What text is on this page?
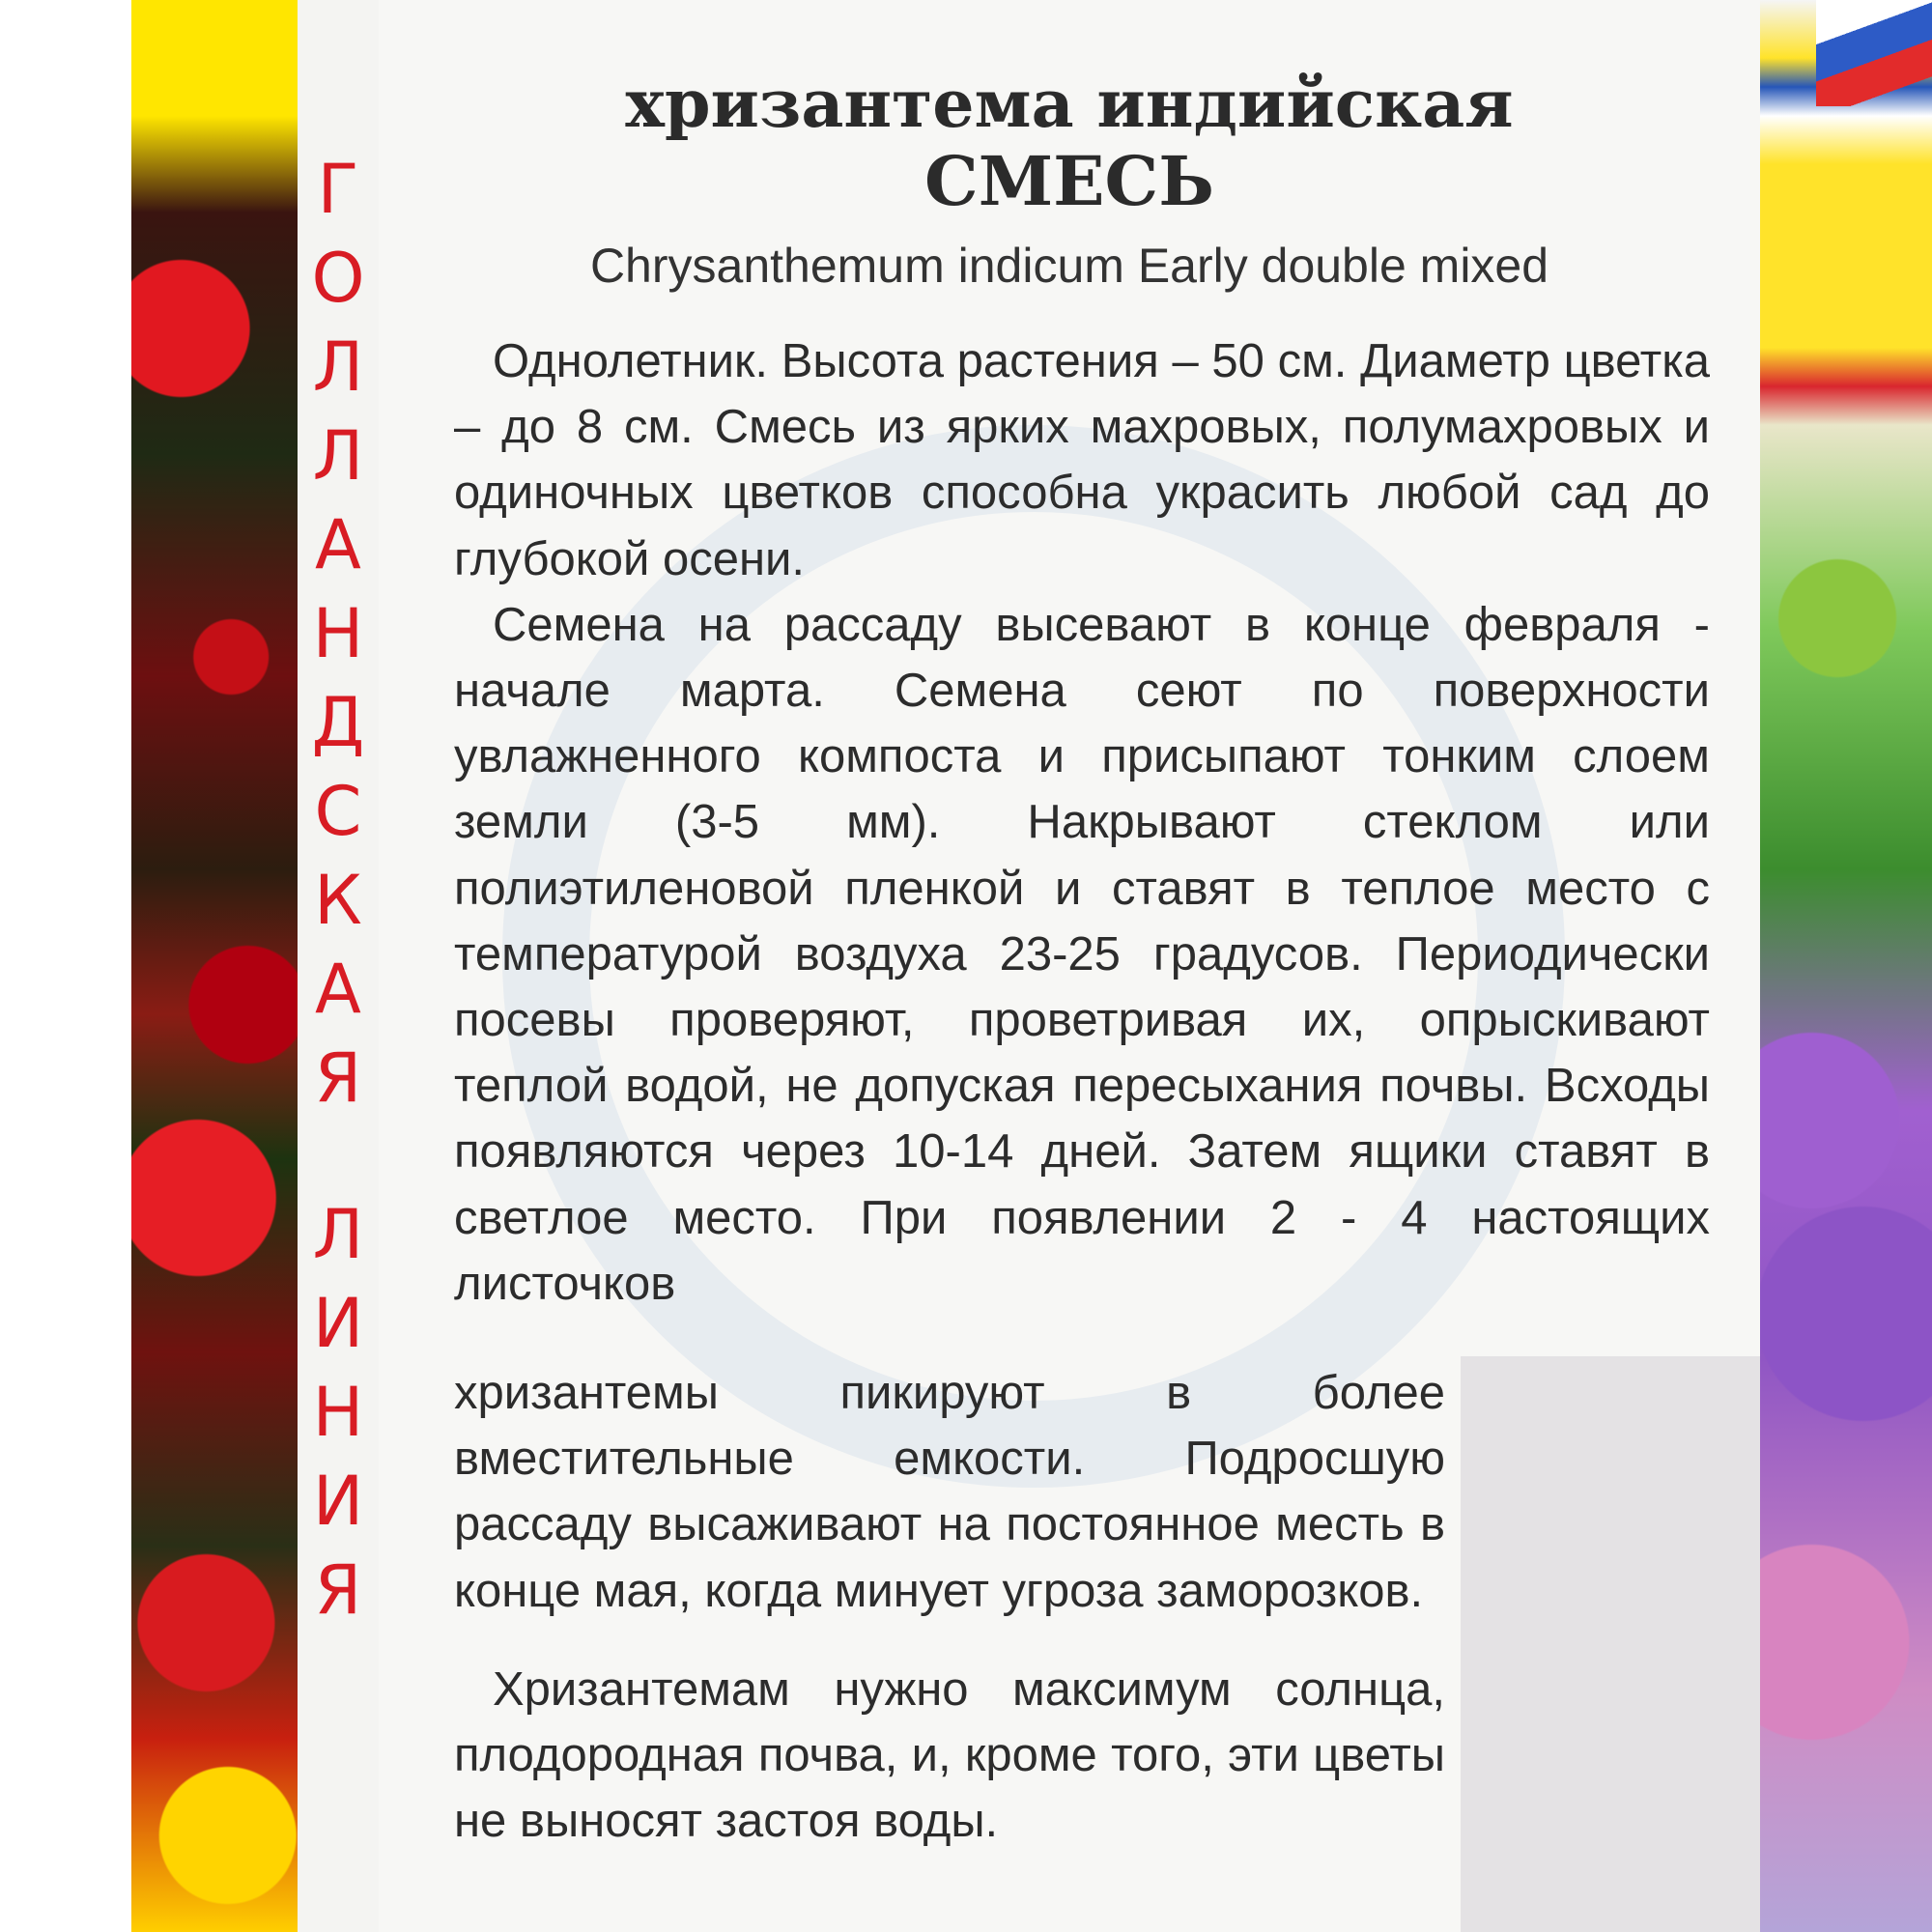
Г
О
Л
Л
А
Н
Д
С
К
А
Я
Л
И
Н
И
Я
хризантема индийская
СМЕСЬ

Chrysanthemum indicum Early double mixed

Однолетник. Высота растения – 50 см. Диаметр цветка – до 8 см. Смесь из ярких махровых, полумахровых и одиночных цветков способна украсить любой сад до глубокой осени.

Семена на рассаду высевают в конце февраля - начале марта. Семена сеют по поверхности увлажненного компоста и присыпают тонким слоем земли (3-5 мм). Накрывают стеклом или полиэтиленовой пленкой и ставят в теплое место с температурой воздуха 23-25 градусов. Периодически посевы проверяют, проветривая их, опрыскивают теплой водой, не допуская пересыхания почвы. Всходы появляются через 10-14 дней. Затем ящики ставят в светлое место. При появлении 2 - 4 настоящих листочков

хризантемы пикируют в более вместительные емкости. Подросшую рассаду высаживают на постоянное месть в конце мая, когда минует угроза заморозков.

Хризантемам нужно максимум солнца, плодородная почва, и, кроме того, эти цветы не выносят застоя воды.
